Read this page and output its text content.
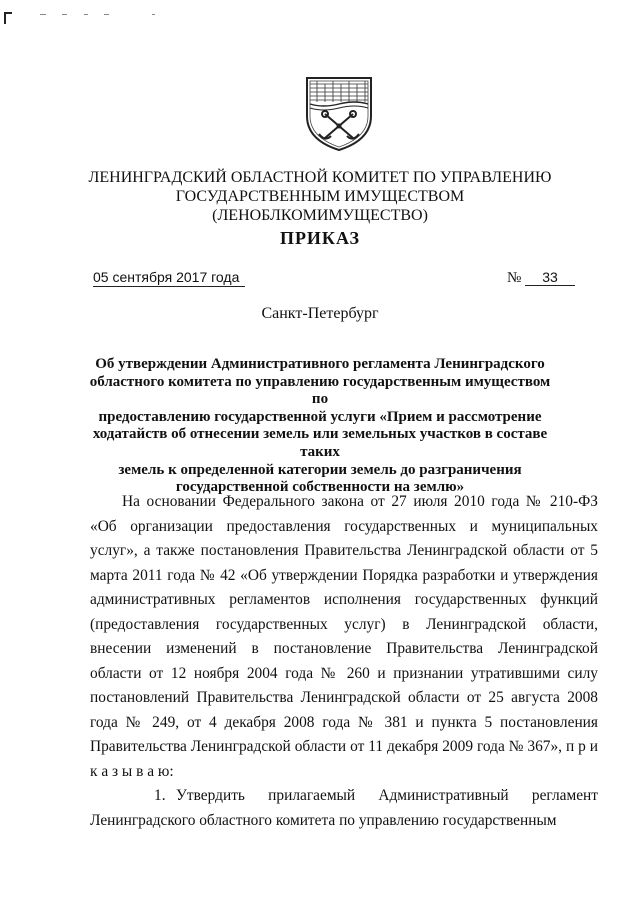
ЛЕНИНГРАДСКИЙ ОБЛАСТНОЙ КОМИТЕТ ПО УПРАВЛЕНИЮ
ГОСУДАРСТВЕННЫМ ИМУЩЕСТВОМ
(ЛЕНОБЛКОМИМУЩЕСТВО)
ПРИКАЗ
05 сентября 2017 года	№ 33
Санкт-Петербург
Об утверждении Административного регламента Ленинградского
областного комитета по управлению государственным имуществом по
предоставлению государственной услуги «Прием и рассмотрение
ходатайств об отнесении земель или земельных участков в составе таких
земель к определенной категории земель до разграничения
государственной собственности на землю»

На основании Федерального закона от 27 июля 2010 года № 210-ФЗ «Об организации предоставления государственных и муниципальных услуг», а также постановления Правительства Ленинградской области от 5 марта 2011 года № 42 «Об утверждении Порядка разработки и утверждения административных регламентов исполнения государственных функций (предоставления государственных услуг) в Ленинградской области, внесении изменений в постановление Правительства Ленинградской области от 12 ноября 2004 года № 260 и признании утратившими силу постановлений Правительства Ленинградской области от 25 августа 2008 года № 249, от 4 декабря 2008 года № 381 и пункта 5 постановления Правительства Ленинградской области от 11 декабря 2009 года № 367», п р и к а з ы в а ю:

1. Утвердить прилагаемый Административный регламент Ленинградского областного комитета по управлению государственным
